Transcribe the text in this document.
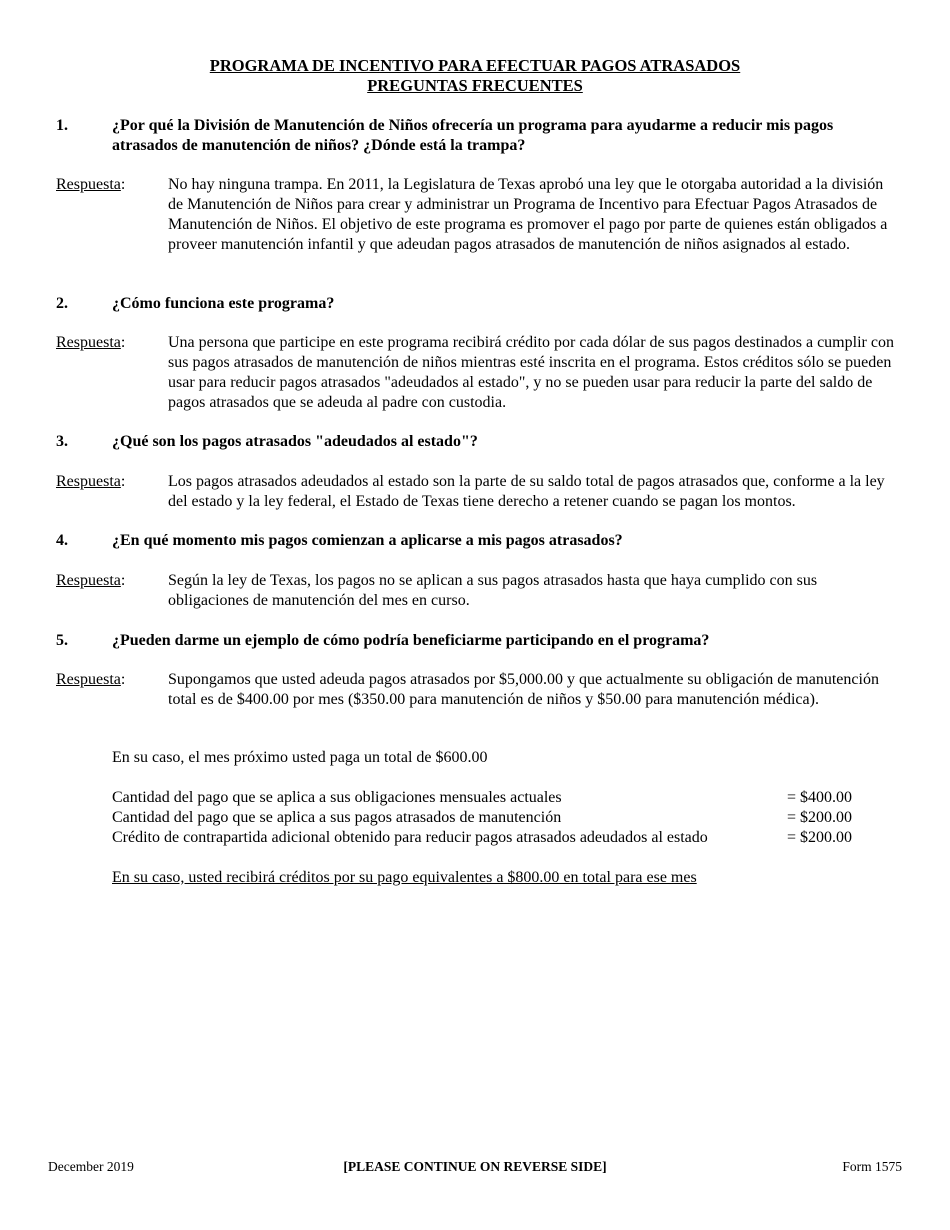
PROGRAMA DE INCENTIVO PARA EFECTUAR PAGOS ATRASADOS
PREGUNTAS FRECUENTES
1.	¿Por qué la División de Manutención de Niños ofrecería un programa para ayudarme a reducir mis pagos atrasados de manutención de niños? ¿Dónde está la trampa?
Respuesta:	No hay ninguna trampa. En 2011, la Legislatura de Texas aprobó una ley que le otorgaba autoridad a la división de Manutención de Niños para crear y administrar un Programa de Incentivo para Efectuar Pagos Atrasados de Manutención de Niños. El objetivo de este programa es promover el pago por parte de quienes están obligados a proveer manutención infantil y que adeudan pagos atrasados de manutención de niños asignados al estado.
2.	¿Cómo funciona este programa?
Respuesta:	Una persona que participe en este programa recibirá crédito por cada dólar de sus pagos destinados a cumplir con sus pagos atrasados de manutención de niños mientras esté inscrita en el programa. Estos créditos sólo se pueden usar para reducir pagos atrasados "adeudados al estado", y no se pueden usar para reducir la parte del saldo de pagos atrasados que se adeuda al padre con custodia.
3.	¿Qué son los pagos atrasados "adeudados al estado"?
Respuesta:	Los pagos atrasados adeudados al estado son la parte de su saldo total de pagos atrasados que, conforme a la ley del estado y la ley federal, el Estado de Texas tiene derecho a retener cuando se pagan los montos.
4.	¿En qué momento mis pagos comienzan a aplicarse a mis pagos atrasados?
Respuesta:	Según la ley de Texas, los pagos no se aplican a sus pagos atrasados hasta que haya cumplido con sus obligaciones de manutención del mes en curso.
5.	¿Pueden darme un ejemplo de cómo podría beneficiarme participando en el programa?
Respuesta:	Supongamos que usted adeuda pagos atrasados por $5,000.00 y que actualmente su obligación de manutención total es de $400.00 por mes ($350.00 para manutención de niños y $50.00 para manutención médica).
En su caso, el mes próximo usted paga un total de $600.00
Cantidad del pago que se aplica a sus obligaciones mensuales actuales	= $400.00
Cantidad del pago que se aplica a sus pagos atrasados de manutención	= $200.00
Crédito de contrapartida adicional obtenido para reducir pagos atrasados adeudados al estado	= $200.00
En su caso, usted recibirá créditos por su pago equivalentes a $800.00 en total para ese mes
December 2019	[PLEASE CONTINUE ON REVERSE SIDE]	Form 1575
